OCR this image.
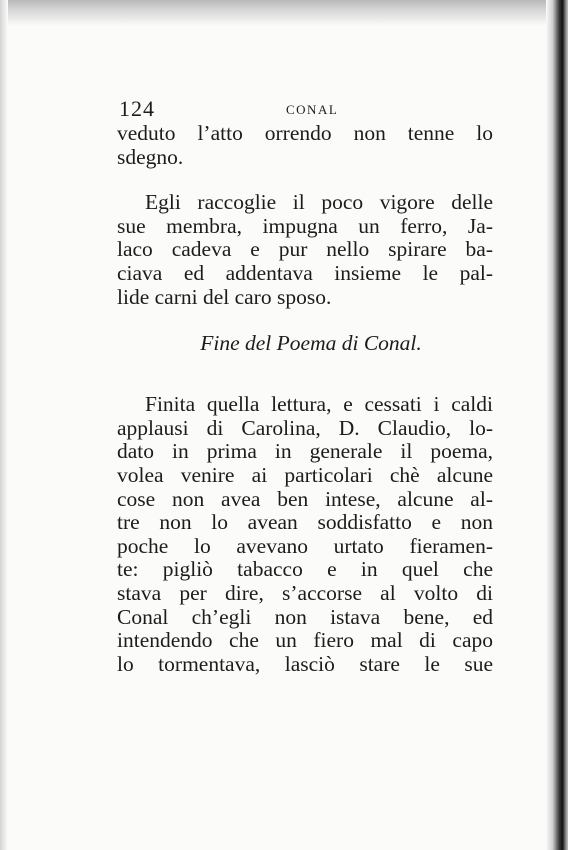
124	CONAL
veduto l’atto orrendo non tenne lo
sdegno.
Egli raccoglie il poco vigore delle
sue membra, impugna un ferro, Ja-
laco cadeva e pur nello spirare ba-
ciava ed addentava insieme le pal-
lide carni del caro sposo.
Fine del Poema di Conal.
Finita quella lettura, e cessati i caldi
applausi di Carolina, D. Claudio, lo-
dato in prima in generale il poema,
volea venire ai particolari chè alcune
cose non avea ben intese, alcune al-
tre non lo avean soddisfatto e non
poche lo avevano urtato fieramen-
te: pigliò tabacco e in quel che
stava per dire, s’accorse al volto di
Conal ch’egli non istava bene, ed
intendendo che un fiero mal di capo
lo tormentava, lasciò stare le sue
